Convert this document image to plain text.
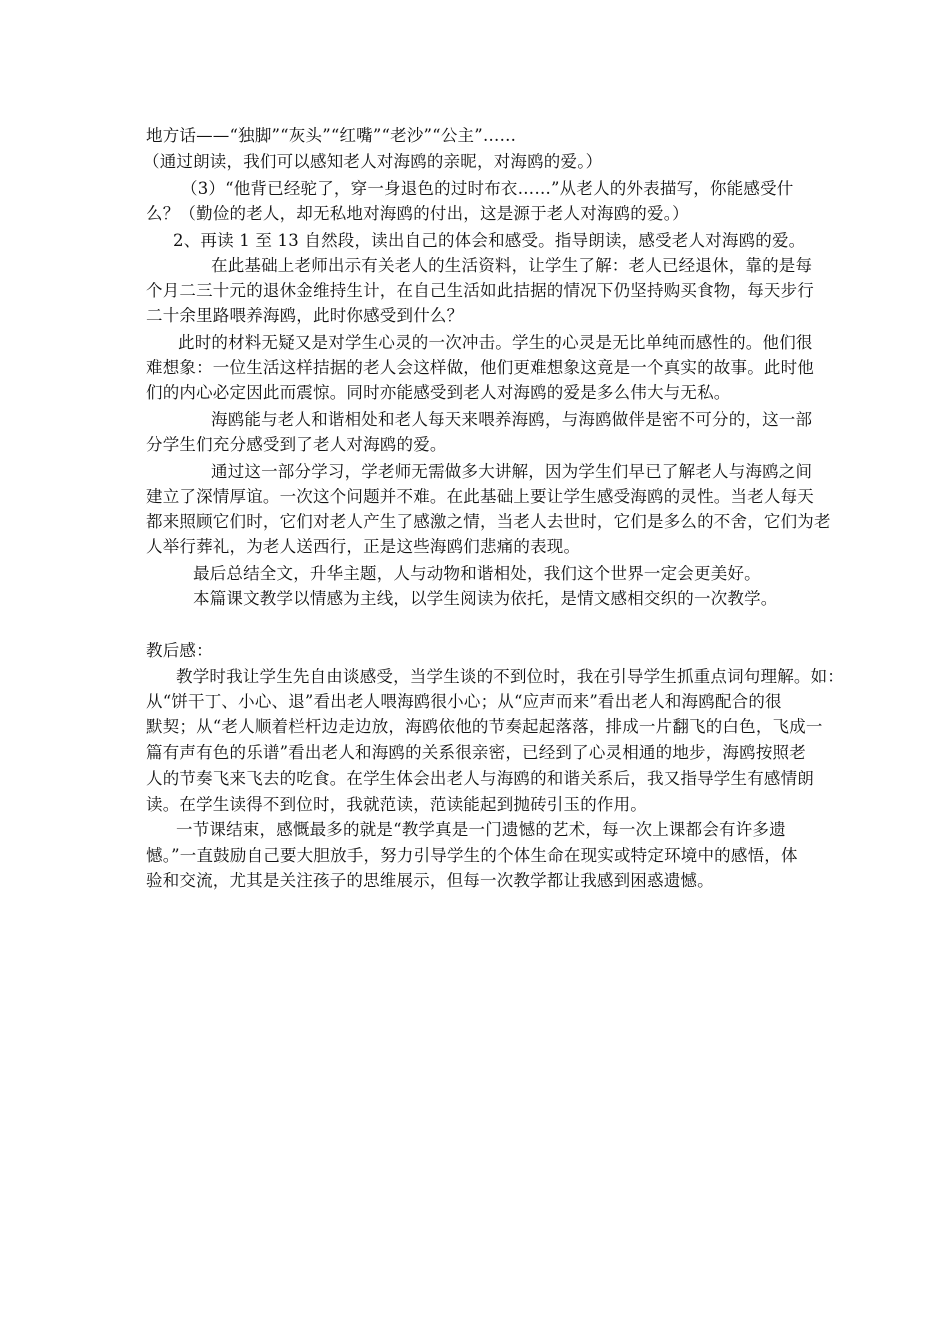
地方话——“独脚”“灰头”“红嘴”“老沙”“公主”……
（通过朗读，我们可以感知老人对海鸥的亲昵，对海鸥的爱。）
（3）“他背已经驼了，穿一身退色的过时布衣……”从老人的外表描写，你能感受什
么？（勤俭的老人，却无私地对海鸥的付出，这是源于老人对海鸥的爱。）
2、再读 1 至 13 自然段，读出自己的体会和感受。指导朗读，感受老人对海鸥的爱。
在此基础上老师出示有关老人的生活资料，让学生了解：老人已经退休，靠的是每
个月二三十元的退休金维持生计，在自己生活如此拮据的情况下仍坚持购买食物，每天步行
二十余里路喂养海鸥，此时你感受到什么？
此时的材料无疑又是对学生心灵的一次冲击。学生的心灵是无比单纯而感性的。他们很
难想象：一位生活这样拮据的老人会这样做，他们更难想象这竟是一个真实的故事。此时他
们的内心必定因此而震惊。同时亦能感受到老人对海鸥的爱是多么伟大与无私。
海鸥能与老人和谐相处和老人每天来喂养海鸥，与海鸥做伴是密不可分的，这一部
分学生们充分感受到了老人对海鸥的爱。
通过这一部分学习，学老师无需做多大讲解，因为学生们早已了解老人与海鸥之间
建立了深情厚谊。一次这个问题并不难。在此基础上要让学生感受海鸥的灵性。当老人每天
都来照顾它们时，它们对老人产生了感激之情，当老人去世时，它们是多么的不舍，它们为老
人举行葬礼，为老人送西行，正是这些海鸥们悲痛的表现。
最后总结全文，升华主题，人与动物和谐相处，我们这个世界一定会更美好。
本篇课文教学以情感为主线，以学生阅读为依托，是情文感相交织的一次教学。
教后感：
教学时我让学生先自由谈感受，当学生谈的不到位时，我在引导学生抓重点词句理解。如：
从“饼干丁、小心、退”看出老人喂海鸥很小心；从“应声而来”看出老人和海鸥配合的很
默契；从“老人顺着栏杆边走边放，海鸥依他的节奏起起落落，排成一片翻飞的白色，飞成一
篇有声有色的乐谱”看出老人和海鸥的关系很亲密，已经到了心灵相通的地步，海鸥按照老
人的节奏飞来飞去的吃食。在学生体会出老人与海鸥的和谐关系后，我又指导学生有感情朗
读。在学生读得不到位时，我就范读，范读能起到抛砖引玉的作用。
一节课结束，感慨最多的就是“教学真是一门遗憾的艺术，每一次上课都会有许多遗
憾。”一直鼓励自己要大胆放手，努力引导学生的个体生命在现实或特定环境中的感悟，体
验和交流，尤其是关注孩子的思维展示，但每一次教学都让我感到困惑遗憾。
